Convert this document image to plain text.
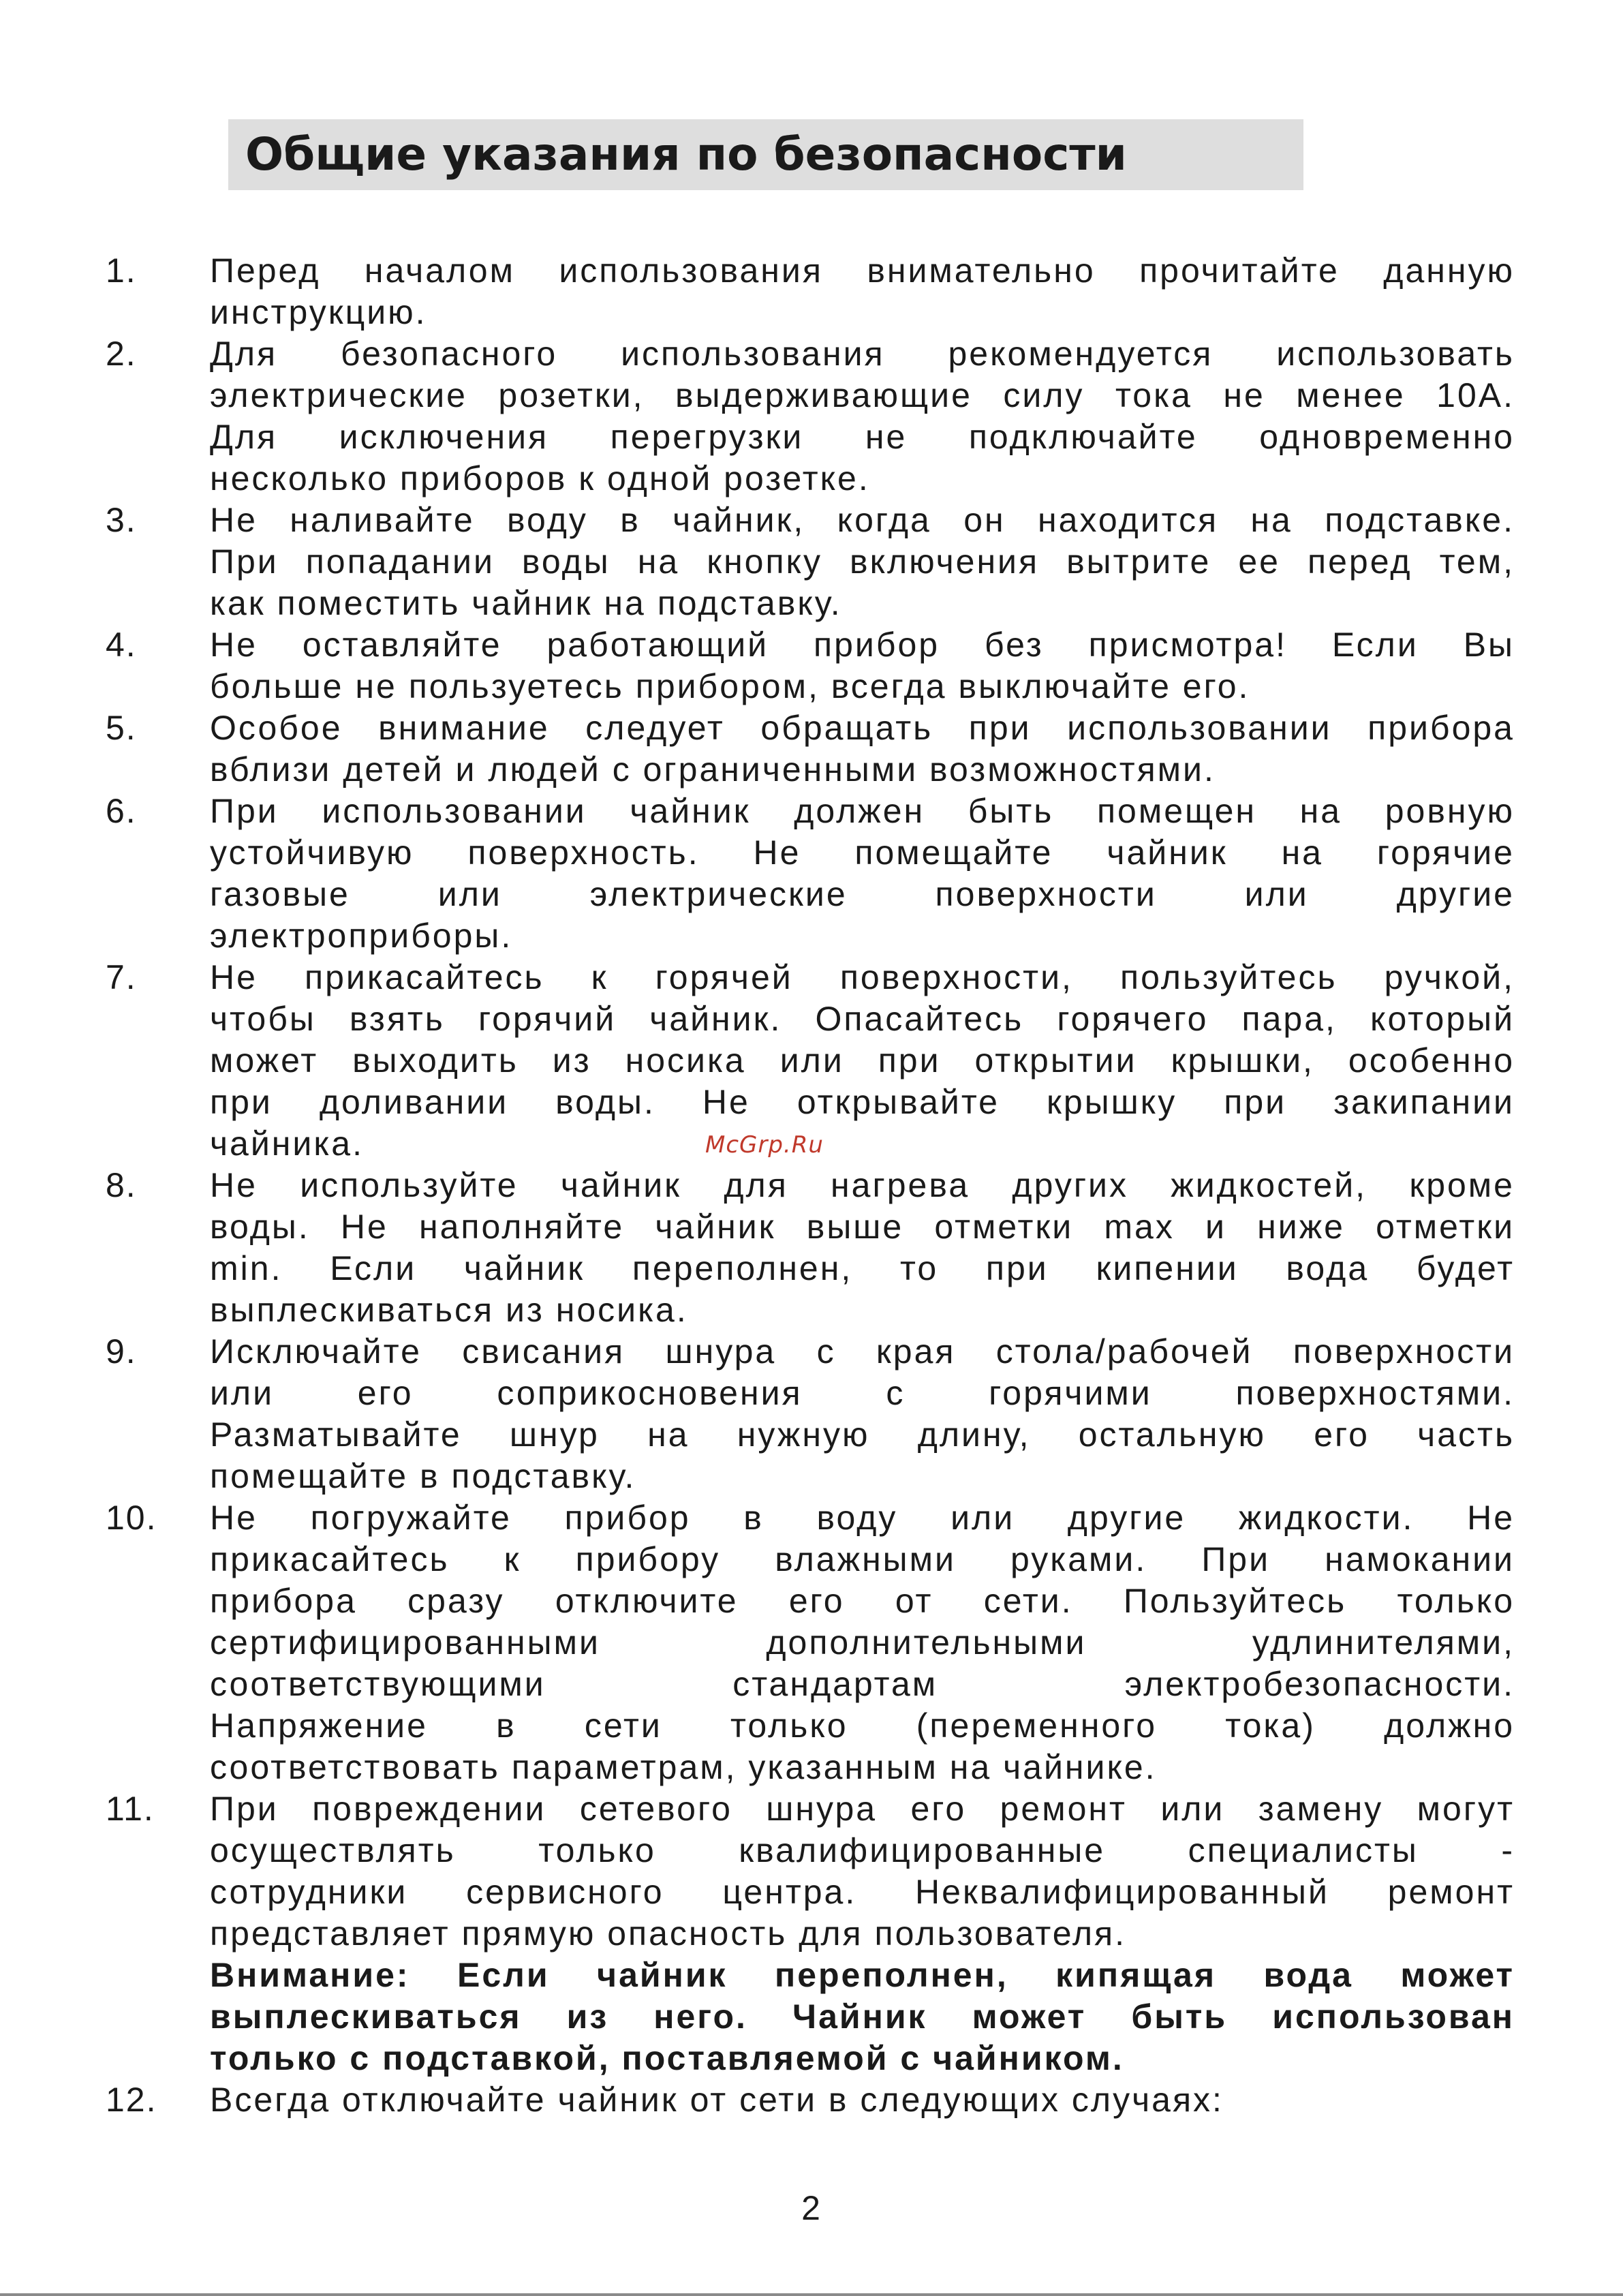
Общие указания по безопасности
1. Перед началом использования внимательно прочитайте данную
инструкцию.
2. Для безопасного использования рекомендуется использовать
электрические розетки, выдерживающие силу тока не менее 10А.
Для исключения перегрузки не подключайте одновременно
несколько приборов к одной розетке.
3. Не наливайте воду в чайник, когда он находится на подставке.
При попадании воды на кнопку включения вытрите ее перед тем,
как поместить чайник на подставку.
4. Не оставляйте работающий прибор без присмотра! Если Вы
больше не пользуетесь прибором, всегда выключайте его.
5. Особое внимание следует обращать при использовании прибора
вблизи детей и людей с ограниченными возможностями.
6. При использовании чайник должен быть помещен на ровную
устойчивую поверхность. Не помещайте чайник на горячие
газовые или электрические поверхности или другие
электроприборы.
7. Не прикасайтесь к горячей поверхности, пользуйтесь ручкой,
чтобы взять горячий чайник. Опасайтесь горячего пара, который
может выходить из носика или при открытии крышки, особенно
при доливании воды. Не открывайте крышку при закипании
чайника.
8. Не используйте чайник для нагрева других жидкостей, кроме
воды. Не наполняйте чайник выше отметки max и ниже отметки
min. Если чайник переполнен, то при кипении вода будет
выплескиваться из носика.
9. Исключайте свисания шнура с края стола/рабочей поверхности
или его соприкосновения с горячими поверхностями.
Разматывайте шнур на нужную длину, остальную его часть
помещайте в подставку.
10. Не погружайте прибор в воду или другие жидкости. Не
прикасайтесь к прибору влажными руками. При намокании
прибора сразу отключите его от сети. Пользуйтесь только
сертифицированными дополнительными удлинителями,
соответствующими стандартам электробезопасности.
Напряжение в сети только (переменного тока) должно
соответствовать параметрам, указанным на чайнике.
11. При повреждении сетевого шнура его ремонт или замену могут
осуществлять только квалифицированные специалисты -
сотрудники сервисного центра. Неквалифицированный ремонт
представляет прямую опасность для пользователя.
Внимание: Если чайник переполнен, кипящая вода может
выплескиваться из него. Чайник может быть использован
только с подставкой, поставляемой с чайником.
12. Всегда отключайте чайник от сети в следующих случаях:
McGrp.Ru
2
